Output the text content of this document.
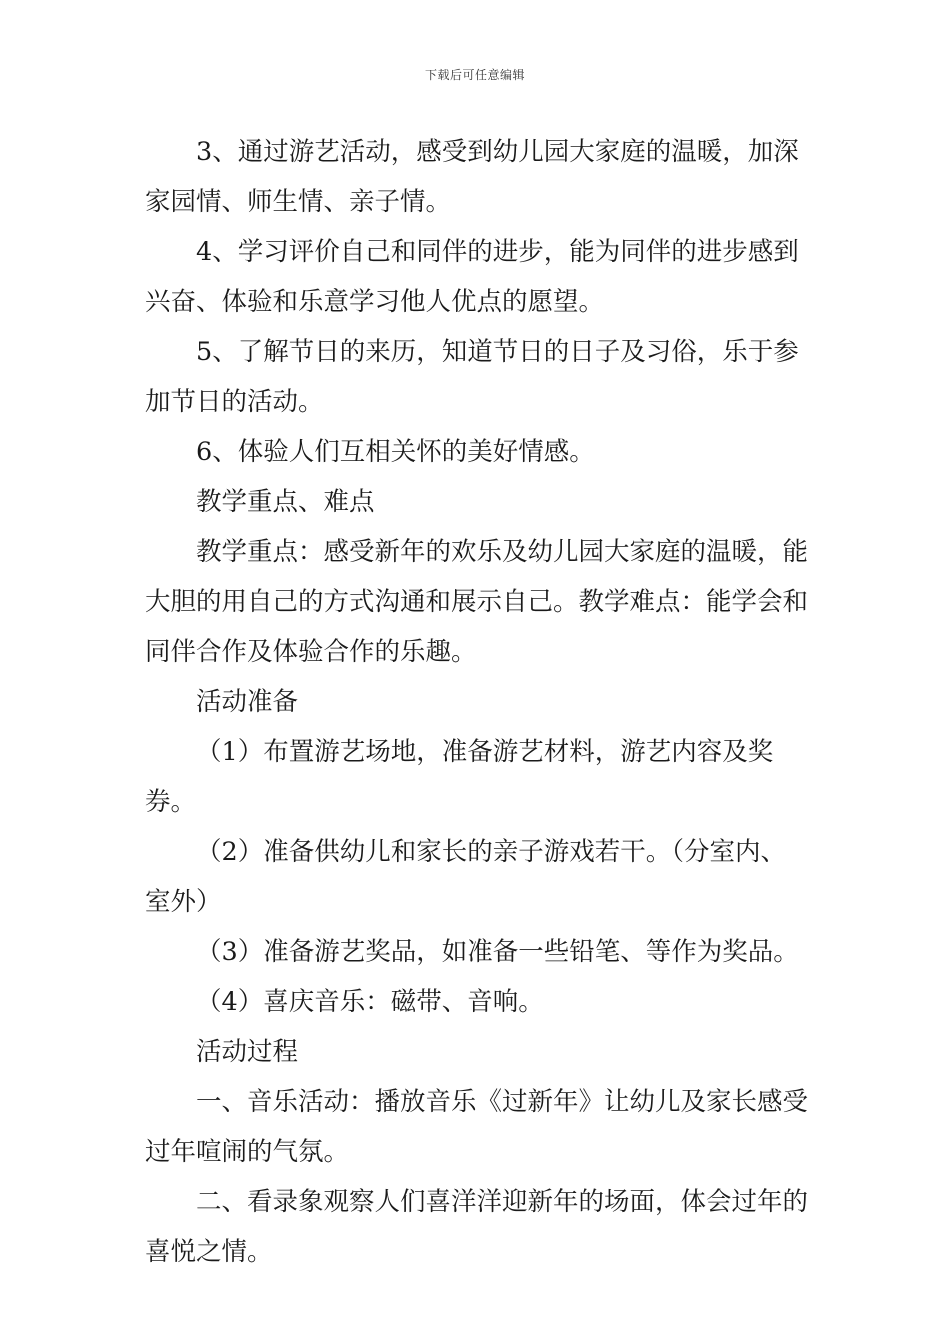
下载后可任意编辑

3、通过游艺活动，感受到幼儿园大家庭的温暖，加深家园情、师生情、亲子情。

4、学习评价自己和同伴的进步，能为同伴的进步感到兴奋、体验和乐意学习他人优点的愿望。

5、了解节日的来历，知道节日的日子及习俗，乐于参加节日的活动。

6、体验人们互相关怀的美好情感。

教学重点、难点

教学重点：感受新年的欢乐及幼儿园大家庭的温暖，能大胆的用自己的方式沟通和展示自己。教学难点：能学会和同伴合作及体验合作的乐趣。

活动准备

（1）布置游艺场地，准备游艺材料，游艺内容及奖券。

（2）准备供幼儿和家长的亲子游戏若干。（分室内、室外）

（3）准备游艺奖品，如准备一些铅笔、等作为奖品。

（4）喜庆音乐：磁带、音响。

活动过程

一、音乐活动：播放音乐《过新年》让幼儿及家长感受过年喧闹的气氛。

二、看录象观察人们喜洋洋迎新年的场面，体会过年的喜悦之情。
